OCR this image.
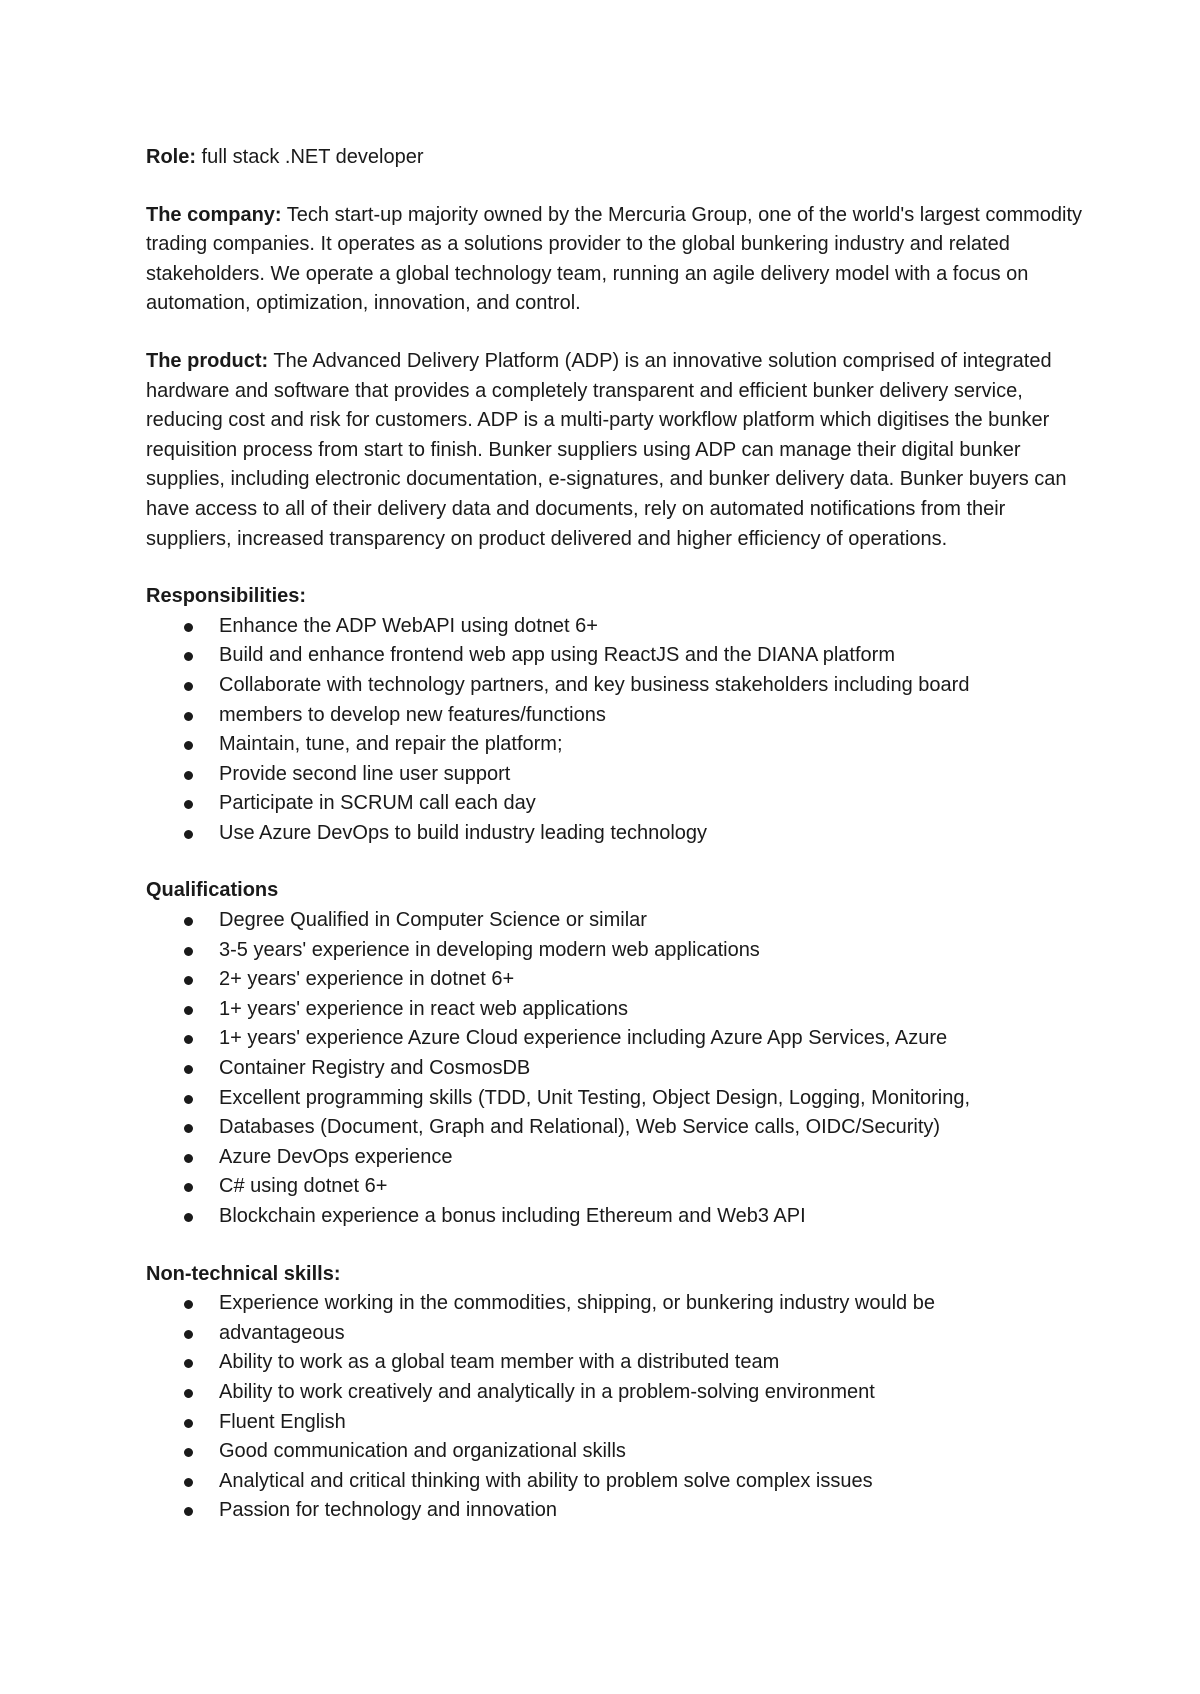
Role: full stack .NET developer

The company: Tech start-up majority owned by the Mercuria Group, one of the world's largest commodity trading companies. It operates as a solutions provider to the global bunkering industry and related stakeholders. We operate a global technology team, running an agile delivery model with a focus on automation, optimization, innovation, and control.

The product: The Advanced Delivery Platform (ADP) is an innovative solution comprised of integrated hardware and software that provides a completely transparent and efficient bunker delivery service, reducing cost and risk for customers. ADP is a multi-party workflow platform which digitises the bunker requisition process from start to finish. Bunker suppliers using ADP can manage their digital bunker supplies, including electronic documentation, e-signatures, and bunker delivery data. Bunker buyers can have access to all of their delivery data and documents, rely on automated notifications from their suppliers, increased transparency on product delivered and higher efficiency of operations.

Responsibilities:

Enhance the ADP WebAPI using dotnet 6+
Build and enhance frontend web app using ReactJS and the DIANA platform
Collaborate with technology partners, and key business stakeholders including board
members to develop new features/functions
Maintain, tune, and repair the platform;
Provide second line user support
Participate in SCRUM call each day
Use Azure DevOps to build industry leading technology

Qualifications

Degree Qualified in Computer Science or similar
3-5 years' experience in developing modern web applications
2+ years' experience in dotnet 6+
1+ years' experience in react web applications
1+ years' experience Azure Cloud experience including Azure App Services, Azure
Container Registry and CosmosDB
Excellent programming skills (TDD, Unit Testing, Object Design, Logging, Monitoring,
Databases (Document, Graph and Relational), Web Service calls, OIDC/Security)
Azure DevOps experience
C# using dotnet 6+
Blockchain experience a bonus including Ethereum and Web3 API

Non-technical skills:

Experience working in the commodities, shipping, or bunkering industry would be
advantageous
Ability to work as a global team member with a distributed team
Ability to work creatively and analytically in a problem-solving environment
Fluent English
Good communication and organizational skills
Analytical and critical thinking with ability to problem solve complex issues
Passion for technology and innovation
